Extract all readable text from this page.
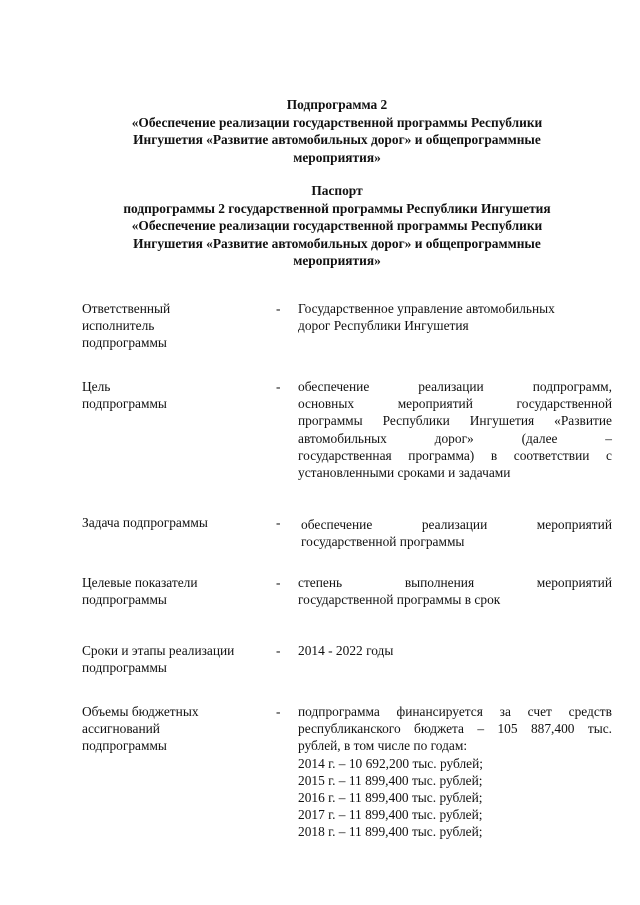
Подпрограмма 2
«Обеспечение реализации государственной программы Республики
Ингушетия «Развитие автомобильных дорог» и общепрограммные
мероприятия»
Паспорт
подпрограммы 2 государственной программы Республики Ингушетия
«Обеспечение реализации государственной программы Республики
Ингушетия «Развитие автомобильных дорог» и общепрограммные
мероприятия»
Ответственный
исполнитель
подпрограммы
- Государственное управление автомобильных
дорог Республики Ингушетия
Цель
подпрограммы
- обеспечение реализации подпрограмм,
основных мероприятий государственной
программы Республики Ингушетия «Развитие
автомобильных дорог» (далее –
государственная программа) в соответствии с
установленными сроками и задачами
Задача подпрограммы	- обеспечение реализации мероприятий
государственной программы
Целевые показатели
подпрограммы
- степень выполнения мероприятий
государственной программы в срок
Сроки и этапы реализации
подпрограммы
- 2014 - 2022 годы
Объемы бюджетных
ассигнований
подпрограммы
- подпрограмма финансируется за счет средств
республиканского бюджета – 105 887,400 тыс.
рублей, в том числе по годам:
2014 г. – 10 692,200 тыс. рублей;
2015 г. – 11 899,400 тыс. рублей;
2016 г. – 11 899,400 тыс. рублей;
2017 г. – 11 899,400 тыс. рублей;
2018 г. – 11 899,400 тыс. рублей;
